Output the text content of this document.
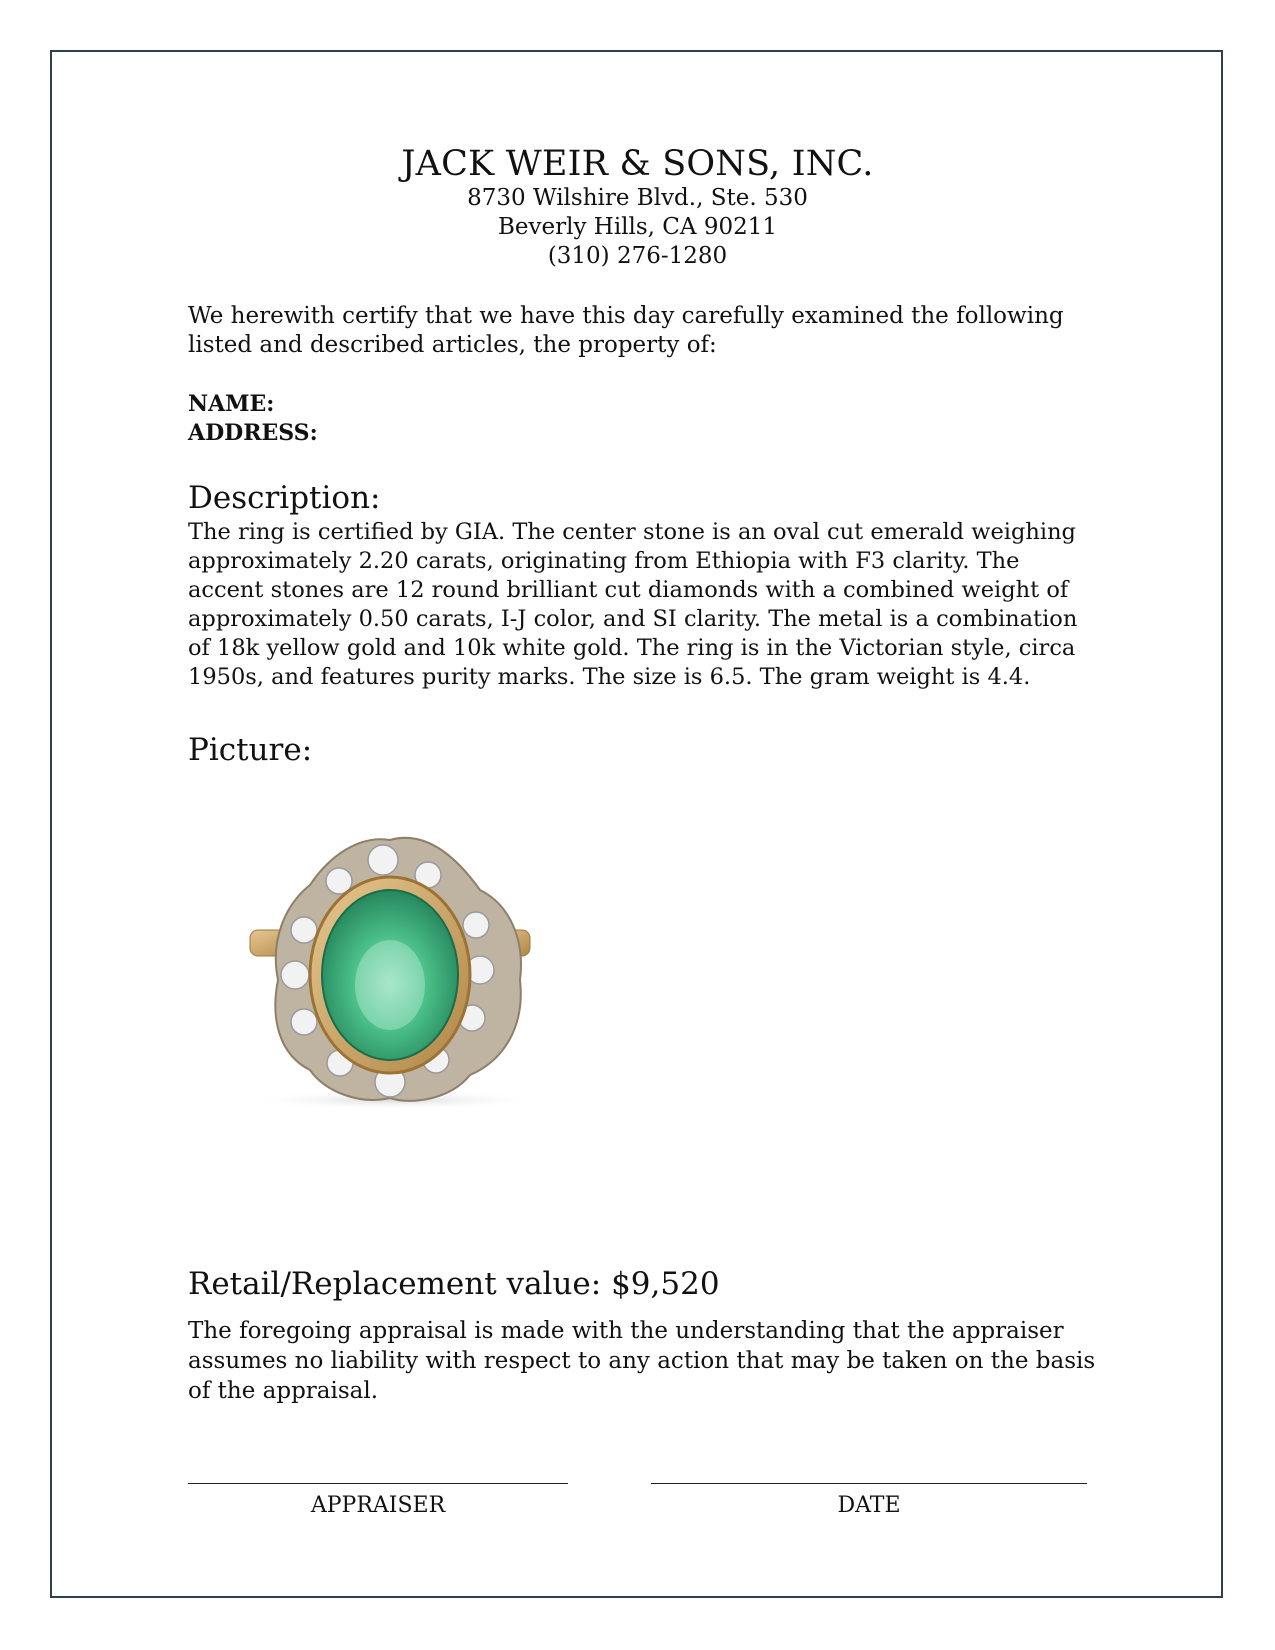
JACK WEIR & SONS, INC.
8730 Wilshire Blvd., Ste. 530
Beverly Hills, CA 90211
(310) 276-1280
We herewith certify that we have this day carefully examined the following listed and described articles, the property of:
NAME:
ADDRESS:
Description:
The ring is certified by GIA. The center stone is an oval cut emerald weighing approximately 2.20 carats, originating from Ethiopia with F3 clarity. The accent stones are 12 round brilliant cut diamonds with a combined weight of approximately 0.50 carats, I-J color, and SI clarity. The metal is a combination of 18k yellow gold and 10k white gold. The ring is in the Victorian style, circa 1950s, and features purity marks. The size is 6.5. The gram weight is 4.4.
Picture:
Retail/Replacement value: $9,520
The foregoing appraisal is made with the understanding that the appraiser assumes no liability with respect to any action that may be taken on the basis of the appraisal.
APPRAISER	DATE
